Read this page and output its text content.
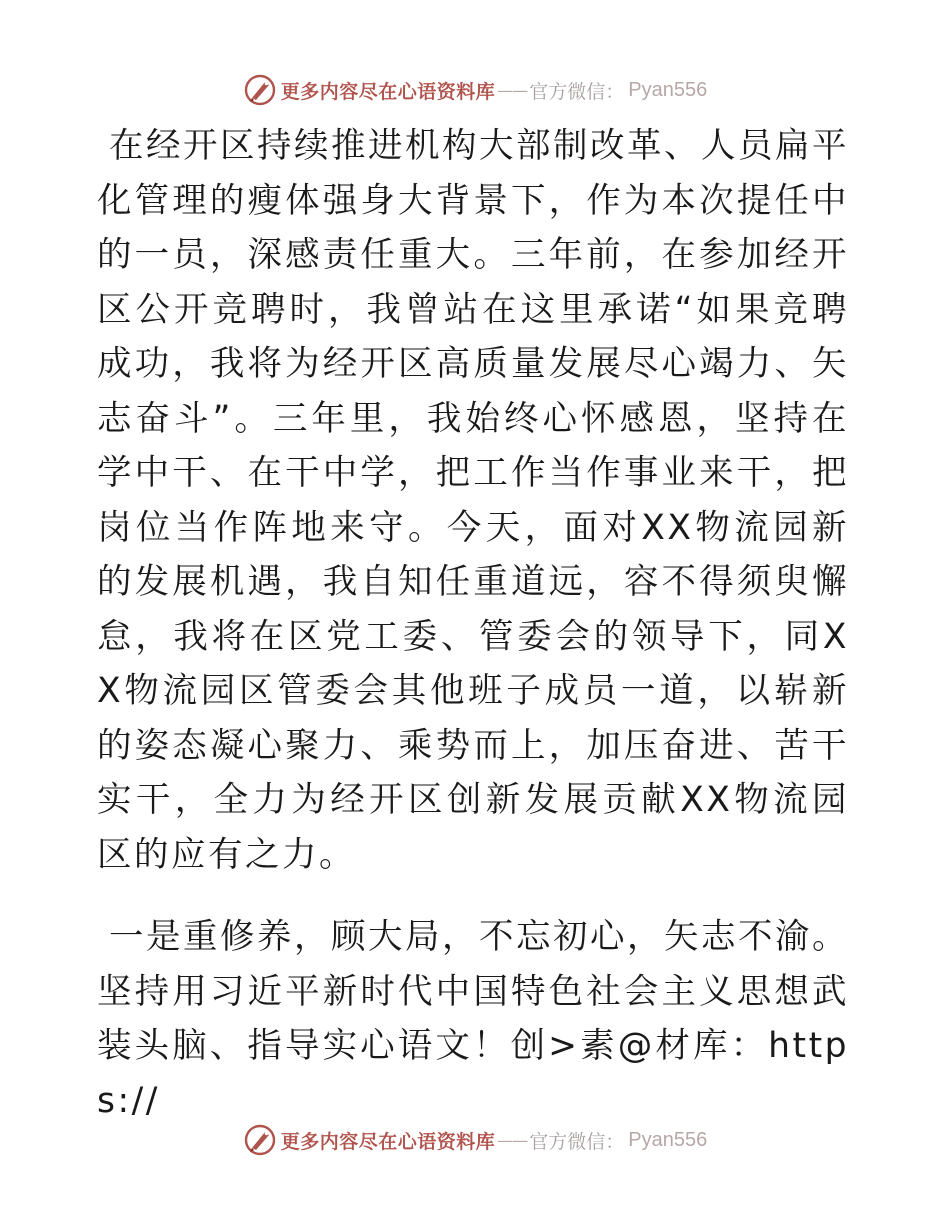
更多内容尽在心语资料库 —— 官方微信： Pyan556

在经开区持续推进机构大部制改革、人员扁平化管理的瘦体强身大背景下，作为本次提任中的一员，深感责任重大。三年前，在参加经开区公开竞聘时，我曾站在这里承诺“如果竞聘成功，我将为经开区高质量发展尽心竭力、矢志奋斗”。三年里，我始终心怀感恩，坚持在学中干、在干中学，把工作当作事业来干，把岗位当作阵地来守。今天，面对XX物流园新的发展机遇，我自知任重道远，容不得须臾懈怠，我将在区党工委、管委会的领导下，同XX物流园区管委会其他班子成员一道，以崭新的姿态凝心聚力、乘势而上，加压奋进、苦干实干，全力为经开区创新发展贡献XX物流园区的应有之力。

一是重修养，顾大局，不忘初心，矢志不渝。坚持用习近平新时代中国特色社会主义思想武装头脑、指导实心语文！创>素@材库：https://

更多内容尽在心语资料库 —— 官方微信： Pyan556
